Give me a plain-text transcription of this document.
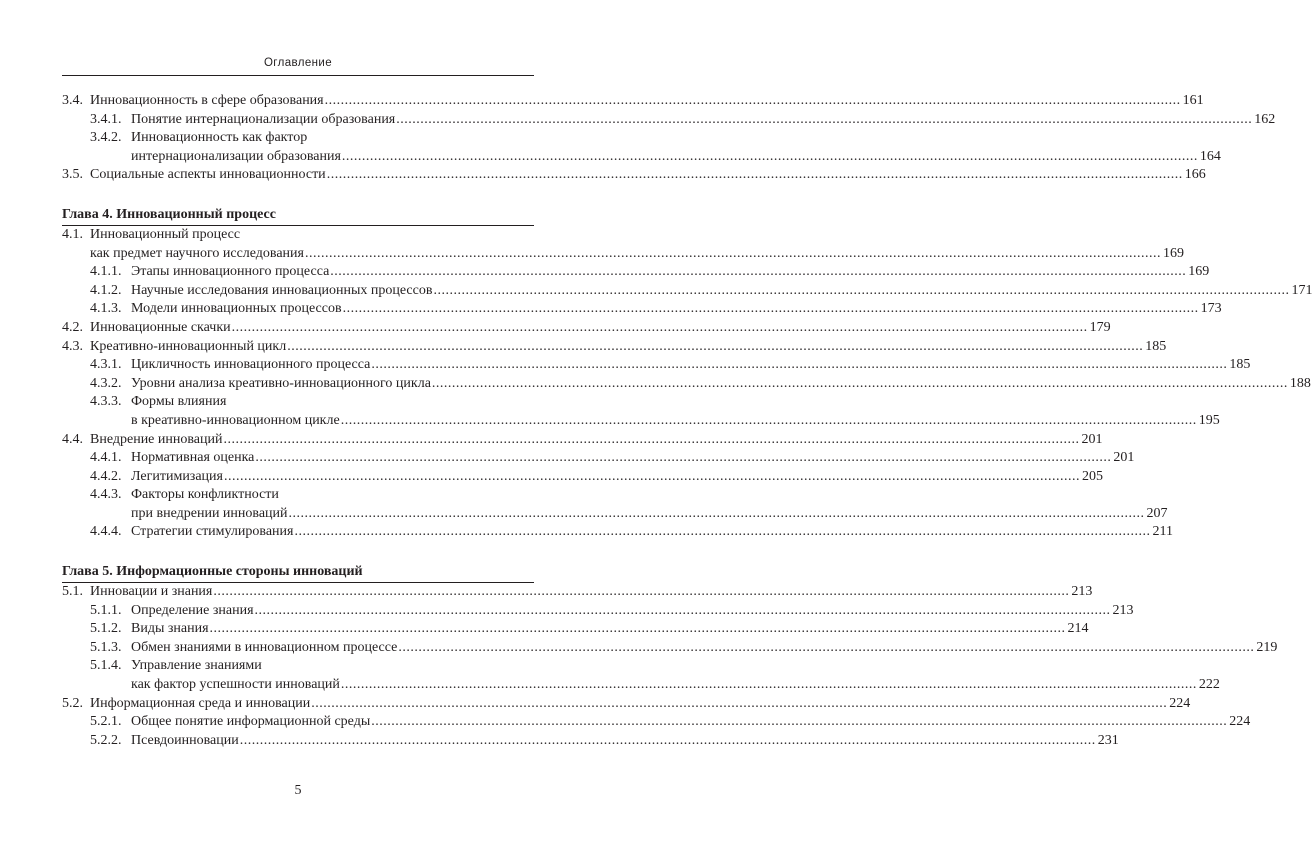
Оглавление
3.4. Инновационность в сфере образования .....	161
3.4.1. Понятие интернационализации образования .....	162
3.4.2. Инновационность как фактор
интернационализации образования .....	164
3.5. Социальные аспекты инновационности .....	166
Глава 4. Инновационный процесс
4.1. Инновационный процесс
как предмет научного исследования .....	169
4.1.1. Этапы инновационного процесса .....	169
4.1.2. Научные исследования инновационных процессов .....	171
4.1.3. Модели инновационных процессов .....	173
4.2. Инновационные скачки .....	179
4.3. Креативно-инновационный цикл .....	185
4.3.1. Цикличность инновационного процесса .....	185
4.3.2. Уровни анализа креативно-инновационного цикла .....	188
4.3.3. Формы влияния
в креативно-инновационном цикле .....	195
4.4. Внедрение инноваций .....	201
4.4.1. Нормативная оценка .....	201
4.4.2. Легитимизация .....	205
4.4.3. Факторы конфликтности
при внедрении инноваций .....	207
4.4.4. Стратегии стимулирования .....	211
Глава 5. Информационные стороны инноваций
5.1. Инновации и знания .....	213
5.1.1. Определение знания .....	213
5.1.2. Виды знания .....	214
5.1.3. Обмен знаниями в инновационном процессе .....	219
5.1.4. Управление знаниями
как фактор успешности инноваций .....	222
5.2. Информационная среда и инновации .....	224
5.2.1. Общее понятие информационной среды .....	224
5.2.2. Псевдоинновации .....	231
5
